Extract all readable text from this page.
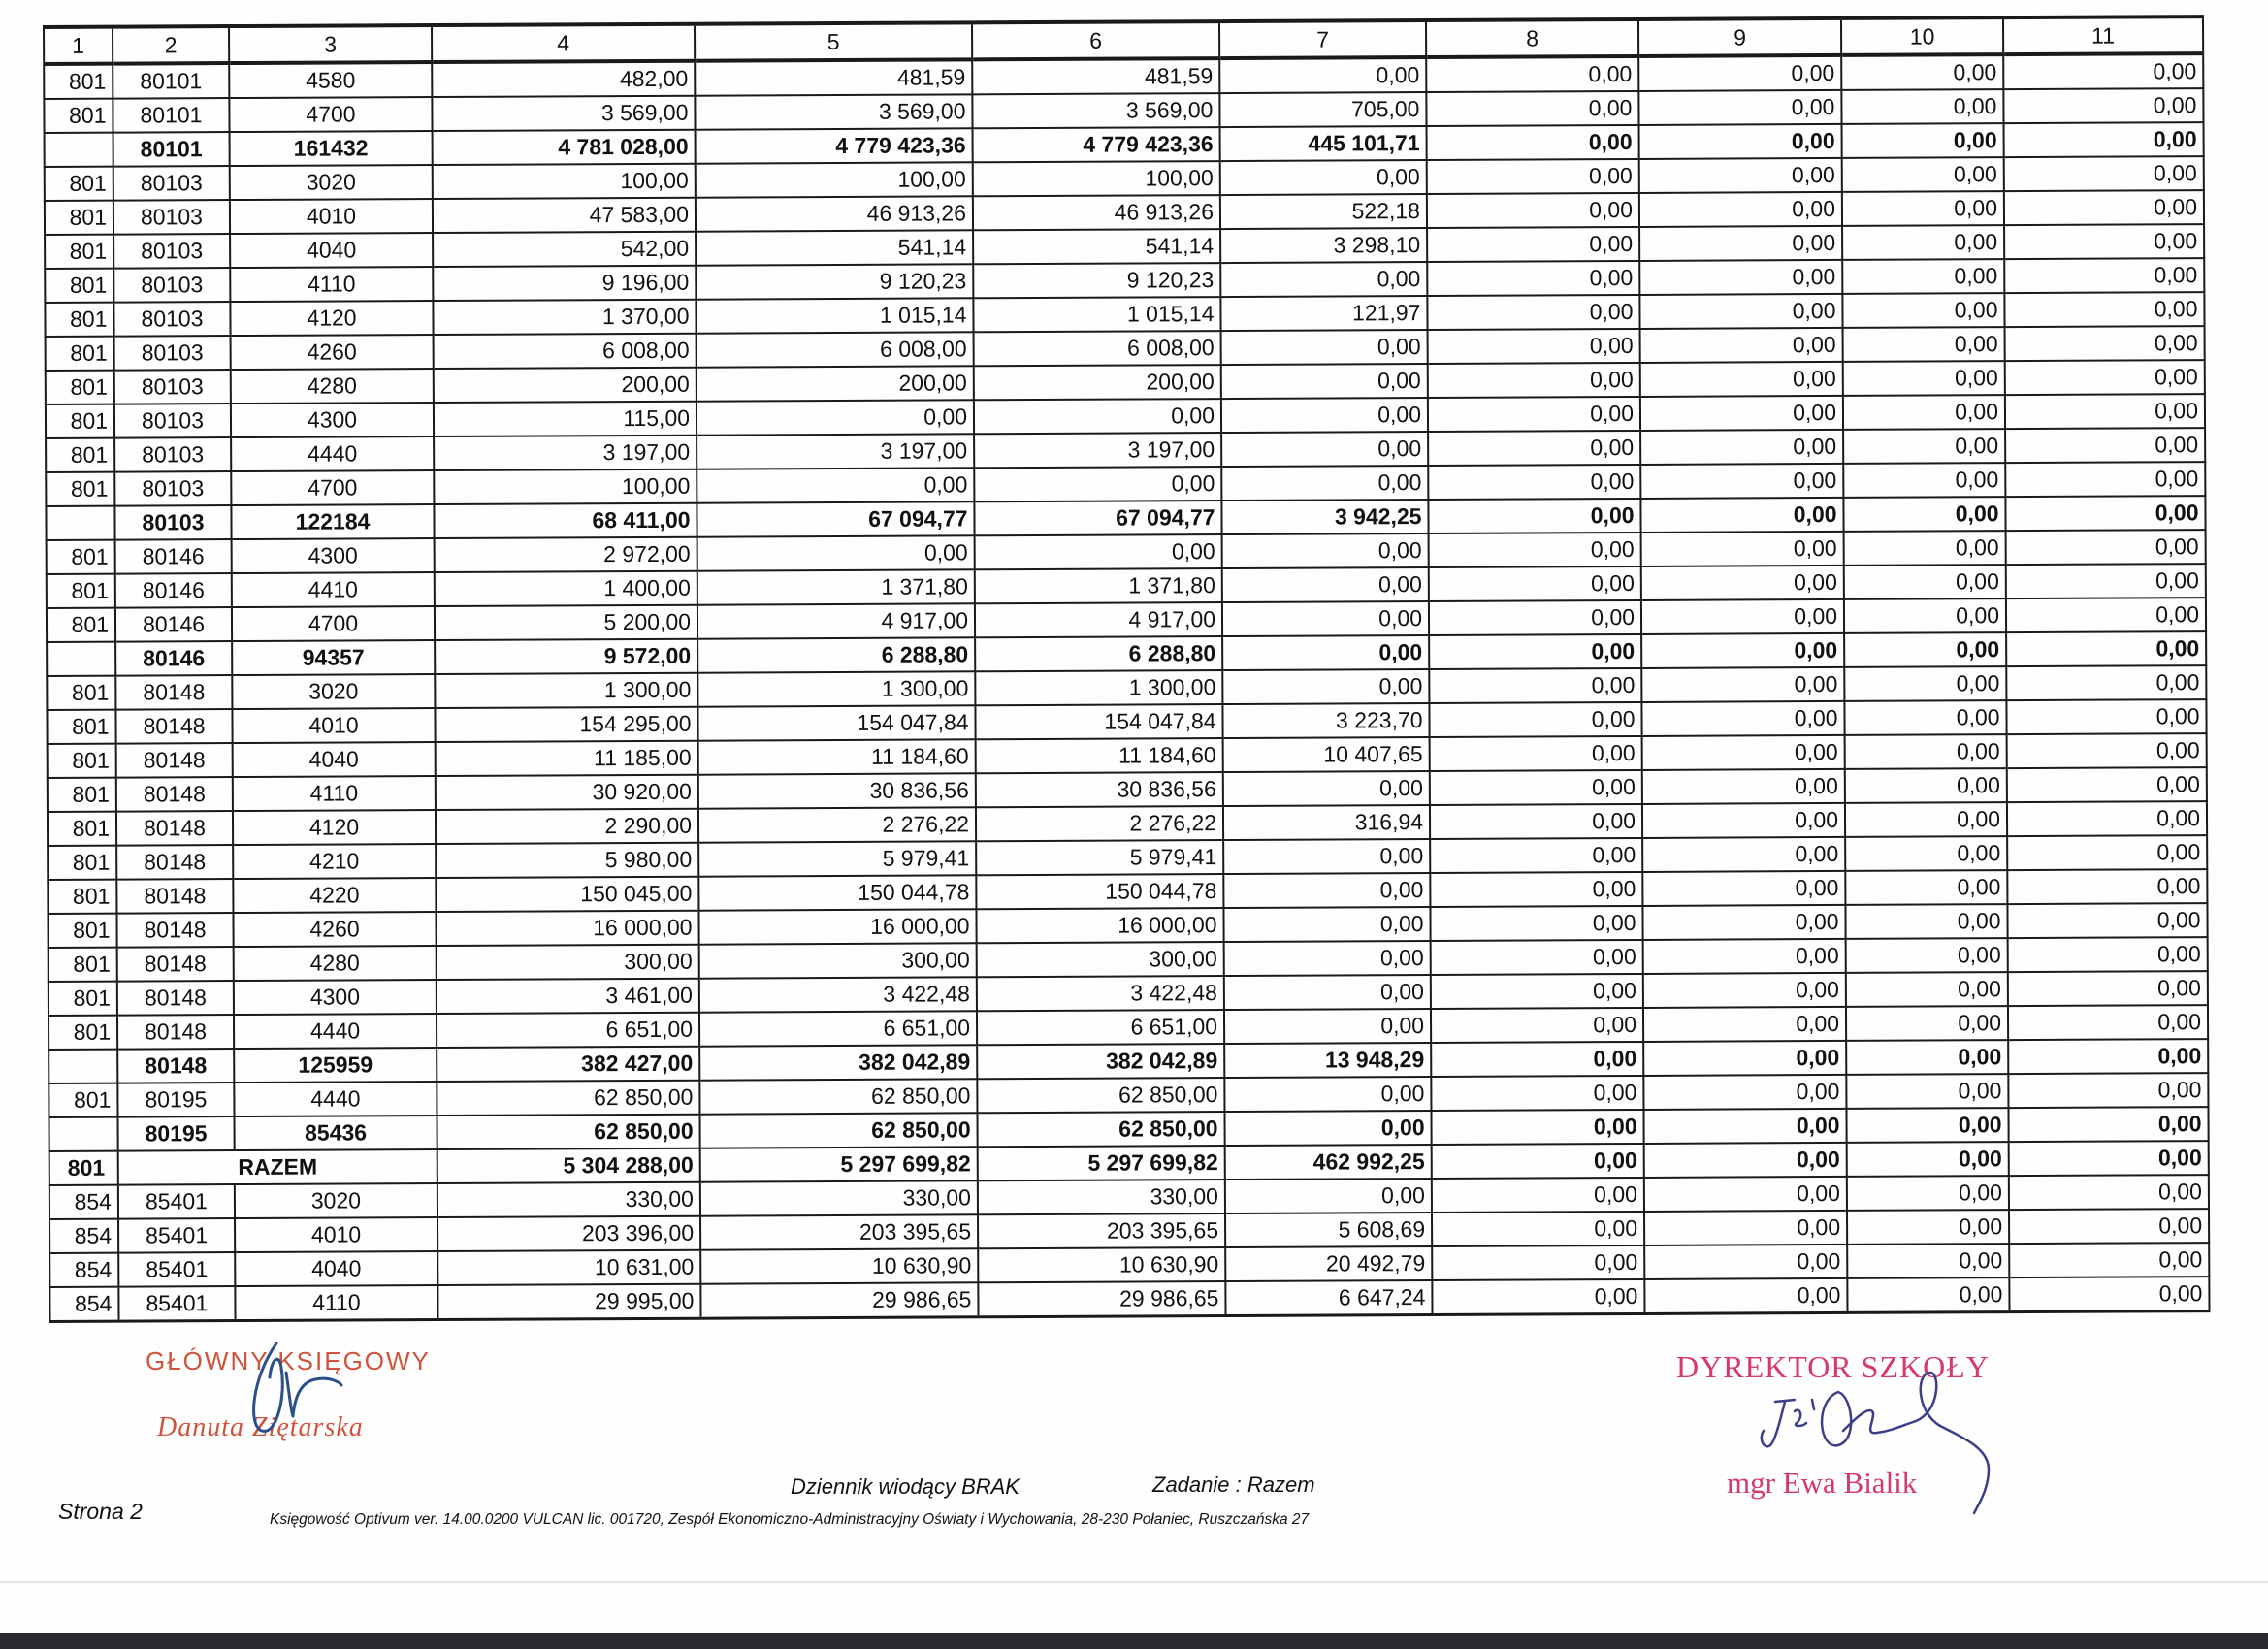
1	2	3	4	5	6	7	8	9	10	11
801	80101	4580	482,00	481,59	481,59	0,00	0,00	0,00	0,00	0,00
801	80101	4700	3 569,00	3 569,00	3 569,00	705,00	0,00	0,00	0,00	0,00
	80101	161432	4 781 028,00	4 779 423,36	4 779 423,36	445 101,71	0,00	0,00	0,00	0,00
801	80103	3020	100,00	100,00	100,00	0,00	0,00	0,00	0,00	0,00
801	80103	4010	47 583,00	46 913,26	46 913,26	522,18	0,00	0,00	0,00	0,00
801	80103	4040	542,00	541,14	541,14	3 298,10	0,00	0,00	0,00	0,00
801	80103	4110	9 196,00	9 120,23	9 120,23	0,00	0,00	0,00	0,00	0,00
801	80103	4120	1 370,00	1 015,14	1 015,14	121,97	0,00	0,00	0,00	0,00
801	80103	4260	6 008,00	6 008,00	6 008,00	0,00	0,00	0,00	0,00	0,00
801	80103	4280	200,00	200,00	200,00	0,00	0,00	0,00	0,00	0,00
801	80103	4300	115,00	0,00	0,00	0,00	0,00	0,00	0,00	0,00
801	80103	4440	3 197,00	3 197,00	3 197,00	0,00	0,00	0,00	0,00	0,00
801	80103	4700	100,00	0,00	0,00	0,00	0,00	0,00	0,00	0,00
	80103	122184	68 411,00	67 094,77	67 094,77	3 942,25	0,00	0,00	0,00	0,00
801	80146	4300	2 972,00	0,00	0,00	0,00	0,00	0,00	0,00	0,00
801	80146	4410	1 400,00	1 371,80	1 371,80	0,00	0,00	0,00	0,00	0,00
801	80146	4700	5 200,00	4 917,00	4 917,00	0,00	0,00	0,00	0,00	0,00
	80146	94357	9 572,00	6 288,80	6 288,80	0,00	0,00	0,00	0,00	0,00
801	80148	3020	1 300,00	1 300,00	1 300,00	0,00	0,00	0,00	0,00	0,00
801	80148	4010	154 295,00	154 047,84	154 047,84	3 223,70	0,00	0,00	0,00	0,00
801	80148	4040	11 185,00	11 184,60	11 184,60	10 407,65	0,00	0,00	0,00	0,00
801	80148	4110	30 920,00	30 836,56	30 836,56	0,00	0,00	0,00	0,00	0,00
801	80148	4120	2 290,00	2 276,22	2 276,22	316,94	0,00	0,00	0,00	0,00
801	80148	4210	5 980,00	5 979,41	5 979,41	0,00	0,00	0,00	0,00	0,00
801	80148	4220	150 045,00	150 044,78	150 044,78	0,00	0,00	0,00	0,00	0,00
801	80148	4260	16 000,00	16 000,00	16 000,00	0,00	0,00	0,00	0,00	0,00
801	80148	4280	300,00	300,00	300,00	0,00	0,00	0,00	0,00	0,00
801	80148	4300	3 461,00	3 422,48	3 422,48	0,00	0,00	0,00	0,00	0,00
801	80148	4440	6 651,00	6 651,00	6 651,00	0,00	0,00	0,00	0,00	0,00
	80148	125959	382 427,00	382 042,89	382 042,89	13 948,29	0,00	0,00	0,00	0,00
801	80195	4440	62 850,00	62 850,00	62 850,00	0,00	0,00	0,00	0,00	0,00
	80195	85436	62 850,00	62 850,00	62 850,00	0,00	0,00	0,00	0,00	0,00
801	RAZEM		5 304 288,00	5 297 699,82	5 297 699,82	462 992,25	0,00	0,00	0,00	0,00
854	85401	3020	330,00	330,00	330,00	0,00	0,00	0,00	0,00	0,00
854	85401	4010	203 396,00	203 395,65	203 395,65	5 608,69	0,00	0,00	0,00	0,00
854	85401	4040	10 631,00	10 630,90	10 630,90	20 492,79	0,00	0,00	0,00	0,00
854	85401	4110	29 995,00	29 986,65	29 986,65	6 647,24	0,00	0,00	0,00	0,00
GŁÓWNY KSIĘGOWY
Danuta Ziętarska
DYREKTOR SZKOŁY
mgr Ewa Bialik
Strona 2
Dziennik wiodący BRAK	Zadanie : Razem
Księgowość Optivum ver. 14.00.0200 VULCAN lic. 001720, Zespół Ekonomiczno-Administracyjny Oświaty i Wychowania, 28-230 Połaniec, Ruszczańska 27
